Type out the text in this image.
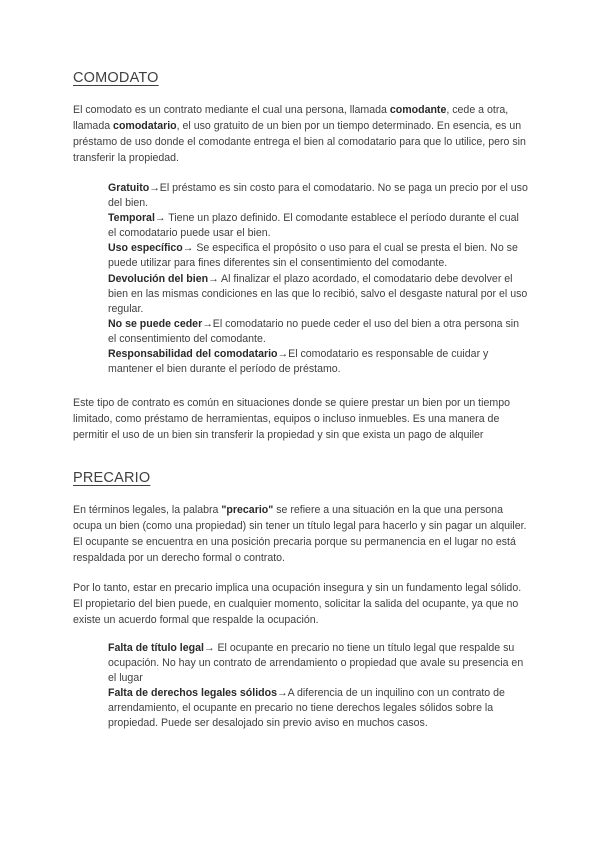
COMODATO

El comodato es un contrato mediante el cual una persona, llamada comodante, cede a otra, llamada comodatario, el uso gratuito de un bien por un tiempo determinado. En esencia, es un préstamo de uso donde el comodante entrega el bien al comodatario para que lo utilice, pero sin transferir la propiedad.

Gratuito→El préstamo es sin costo para el comodatario. No se paga un precio por el uso del bien.
Temporal→ Tiene un plazo definido. El comodante establece el período durante el cual el comodatario puede usar el bien.
Uso específico→ Se especifica el propósito o uso para el cual se presta el bien. No se puede utilizar para fines diferentes sin el consentimiento del comodante.
Devolución del bien→ Al finalizar el plazo acordado, el comodatario debe devolver el bien en las mismas condiciones en las que lo recibió, salvo el desgaste natural por el uso regular.
No se puede ceder→El comodatario no puede ceder el uso del bien a otra persona sin el consentimiento del comodante.
Responsabilidad del comodatario→El comodatario es responsable de cuidar y mantener el bien durante el período de préstamo.

Este tipo de contrato es común en situaciones donde se quiere prestar un bien por un tiempo limitado, como préstamo de herramientas, equipos o incluso inmuebles. Es una manera de permitir el uso de un bien sin transferir la propiedad y sin que exista un pago de alquiler

PRECARIO

En términos legales, la palabra "precario" se refiere a una situación en la que una persona ocupa un bien (como una propiedad) sin tener un título legal para hacerlo y sin pagar un alquiler. El ocupante se encuentra en una posición precaria porque su permanencia en el lugar no está respaldada por un derecho formal o contrato.

Por lo tanto, estar en precario implica una ocupación insegura y sin un fundamento legal sólido. El propietario del bien puede, en cualquier momento, solicitar la salida del ocupante, ya que no existe un acuerdo formal que respalde la ocupación.

Falta de título legal→ El ocupante en precario no tiene un título legal que respalde su ocupación. No hay un contrato de arrendamiento o propiedad que avale su presencia en el lugar
Falta de derechos legales sólidos→A diferencia de un inquilino con un contrato de arrendamiento, el ocupante en precario no tiene derechos legales sólidos sobre la propiedad. Puede ser desalojado sin previo aviso en muchos casos.
